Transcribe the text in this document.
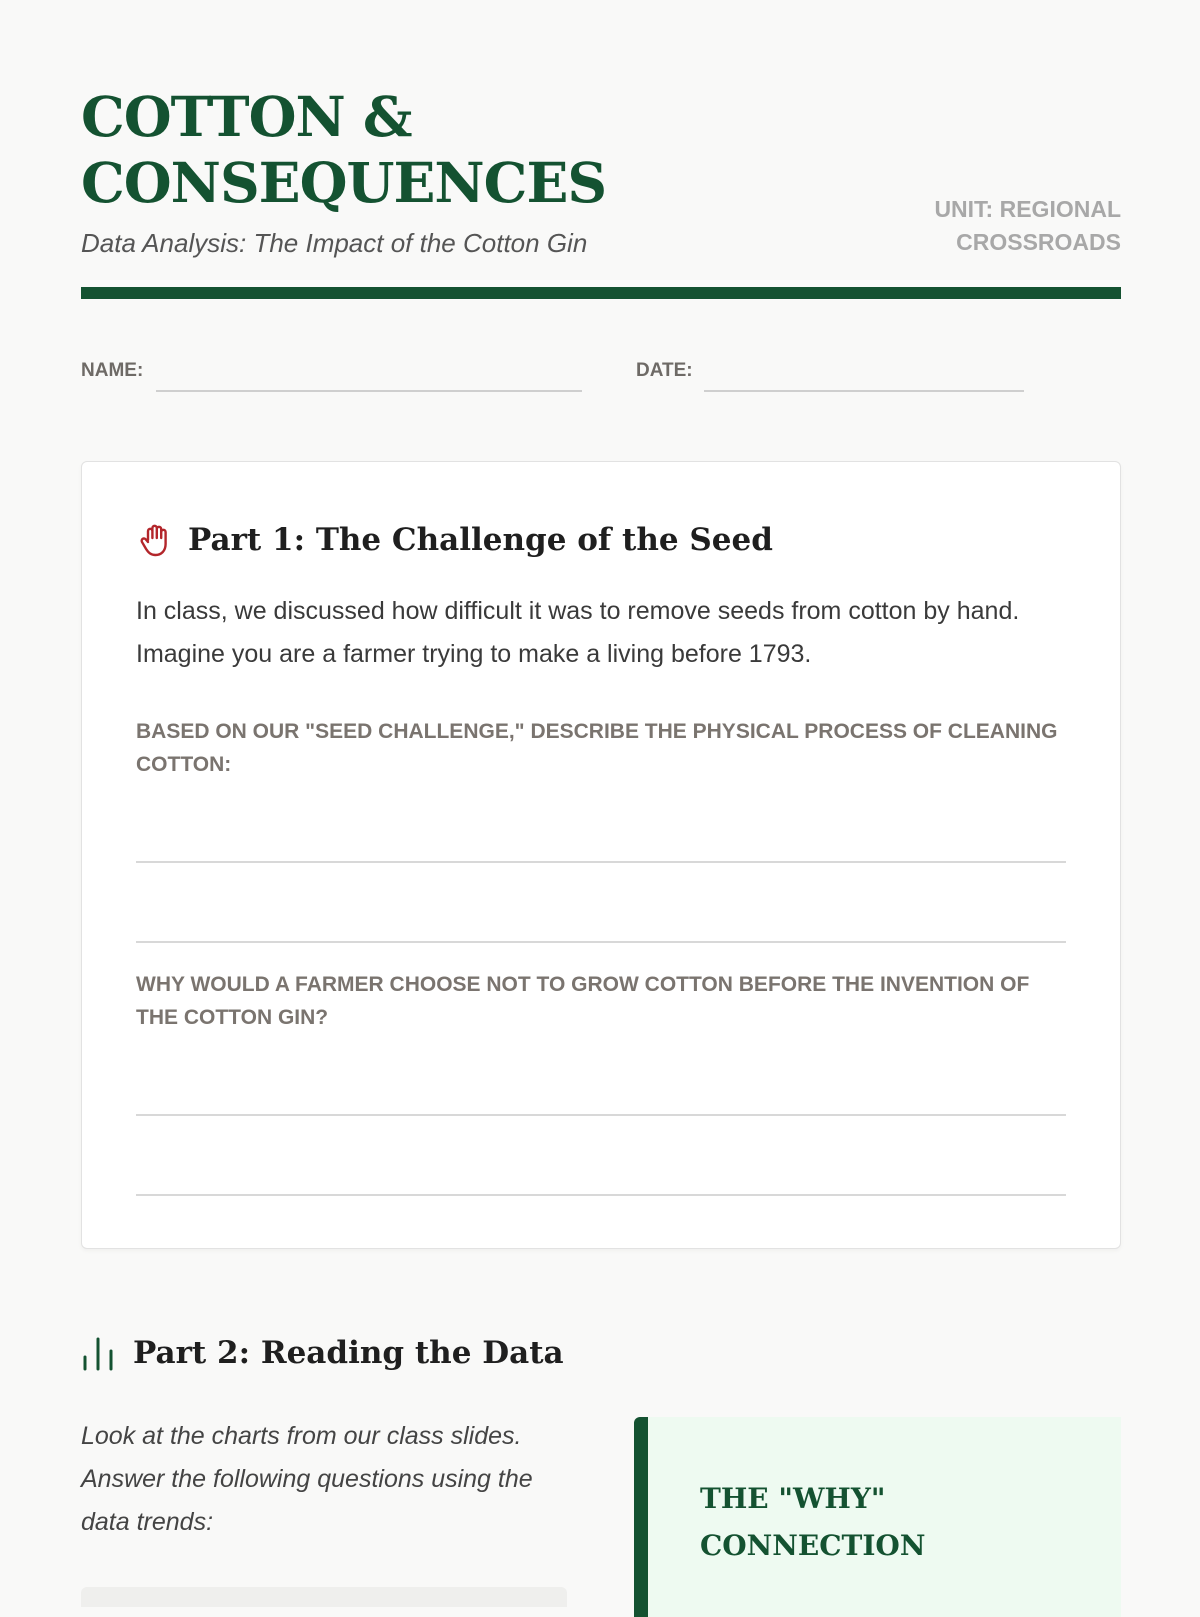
COTTON &
CONSEQUENCES
Data Analysis: The Impact of the Cotton Gin
UNIT: REGIONAL
CROSSROADS
NAME:	DATE:
Part 1: The Challenge of the Seed
In class, we discussed how difficult it was to remove seeds from cotton by hand. Imagine you are a farmer trying to make a living before 1793.
BASED ON OUR "SEED CHALLENGE," DESCRIBE THE PHYSICAL PROCESS OF CLEANING COTTON:
WHY WOULD A FARMER CHOOSE NOT TO GROW COTTON BEFORE THE INVENTION OF THE COTTON GIN?
Part 2: Reading the Data
Look at the charts from our class slides. Answer the following questions using the data trends:
THE "WHY"
CONNECTION
